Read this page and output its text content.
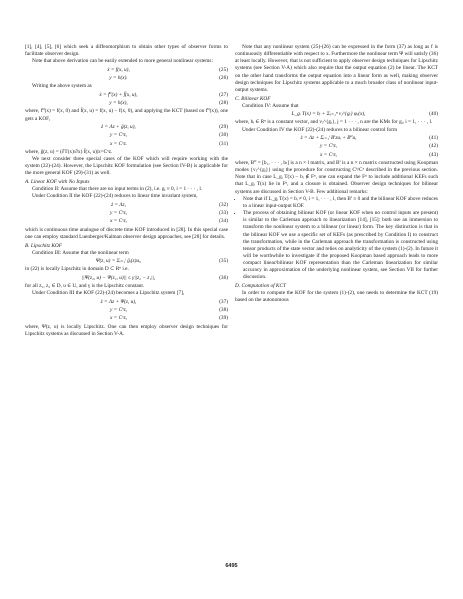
[1], [4], [5], [6] which seek a diffeomorphism to obtain other types of observer forms to facilitate observer design.

Note that above derivation can be easily extended to more general nonlinear systems:

ẋ = f(x, u),	(25)
y = h(x).	(26)

Writing the above system as

ẋ = f⁰(x) + f̄(x, u),	(27)
y = h(x),	(28)

where, f⁰(x) = f(x, 0) and f̄(x, u) = f(x, u) − f(x, 0), and applying the KCT (based on f⁰(x)), one gets a KOF,

ż = Λz + ḡ(z, u),	(29)
y = Cʰz,	(30)
x = Cˣz.	(31)

where, ḡ(z, u) = (∂T(x)/∂x) f̄(x, u)|x=Cˣz.

We next consider three special cases of the KOF which will require working with the system (22)-(24). However, the Lipschitz KOF formulation (see Section IV-B) is applicable for the more general KOF (29)-(31) as well.

A. Linear KOF with No Inputs

Condition II: Assume that there are no input terms in (2), i.e. gᵢ ≡ 0, i = 1 · · · , l.

Under Condition II the KOF (22)-(24) reduces to linear time invariant system,

ż = Λz,	(32)
y = Cʰz,	(33)
x = Cˣz,	(34)

which is continuous time analogue of discrete time KOF introduced in [28]. In this special case one can employ standard Luenberger/Kalman observer design approaches, see [28] for details.

B. Lipschitz KOF

Condition III: Assume that the nonlinear term

Ψ(z, u) = Σᵢ₌₁ˡ ḡᵢ(z)uᵢ,	(35)

in (22) is locally Lipschitz in domain D ⊂ Rⁿ i.e.

||Ψ(z₂, u) − Ψ(z₁, u)|| ≤ γ||z₂ − z₁||,	(36)

for all z₁, z₂ ∈ D, u ∈ U, and γ is the Lipschitz constant.

Under Condition III the KOF (22)-(24) becomes a Lipschitz system [7],

ż = Λz + Ψ(z, u),	(37)
y = Cʰz,	(38)
x = Cˣz,	(39)

where, Ψ(z, u) is locally Lipschitz. One can then employ observer design techniques for Lipschitz systems as discussed in Section V-A.

Note that any nonlinear system (25)-(26) can be expressed in the form (37) as long as f is continuously differentiable with respect to x. Furthermore the nonlinear term Ψ will satisfy (36) at least locally. However, that is not sufficient to apply observer design techniques for Lipschitz systems (see Section V-A) which also require that the output equation (2) be linear. The KCT on the other hand transforms the output equation into a linear form as well, making observer design techniques for Lipschitz systems applicable to a much broader class of nonlinear input-output systems.

C. Bilinear KOF

Condition IV: Assume that

L_gᵢ T(x) = bᵢ + Σⱼ₌₁ⁿ vⱼ^{gᵢ} φⱼ(x),	(40)

where, bᵢ ∈ Rⁿ is a constant vector, and vⱼ^{gᵢ}, j = 1 · · · , n are the KMs for gᵢ, i = 1, · · · , l.

Under Condition IV the KOF (22)-(24) reduces to a bilinear control form

ż = Λz + Σᵢ₌₁ˡ Bⁱzuᵢ + B⁰u,	(41)
y = Cʰz,	(42)
x = Cˣz,	(43)

where, B⁰ = [b₁, · · · , bₗ] is a n × l matrix, and Bⁱ is a n × n matrix constructed using Koopman modes {vⱼ^{gᵢ}} using the procedure for constructing Cʰ/Cˣ described in the previous section. Note that in case L_gᵢ T(x) − bᵢ ∉ Fⁿ, one can expand the Fⁿ to include additional KEFs such that L_gᵢ T(x) lie in Fⁿ, and a closure is obtained. Observer design techniques for bilinear systems are discussed in Section V-B. Few additional remarks:

• Note that if L_gᵢ T(x) = bᵢ ≠ 0, i = 1, · · · , l, then Bⁱ ≡ 0 and the bilinear KOF above reduces to a linear input-output KOF.
• The process of obtaining bilinear KOF (or linear KOF when no control inputs are present) is similar to the Carleman approach to linearization [14], [15]: both use an immersion to transform the nonlinear system to a bilinear (or linear) form. The key distinction is that in the bilinear KOF we use a specific set of KEFs (as prescribed by Condition I) to construct the transformation, while in the Carleman approach the transformation is constructed using tensor products of the state vector and relies on analyticity of the system (1)-(2). In future it will be worthwhile to investigate if the proposed Koopman based approach leads to more compact linear/bilinear KOF representation than the Carleman linearization for similar accuracy in approximation of the underlying nonlinear system, see Section VII for further discussion.

D. Computation of KCT

In order to compute the KOF for the system (1)-(2), one needs to determine the KCT (19) based on the autonomous

6495
